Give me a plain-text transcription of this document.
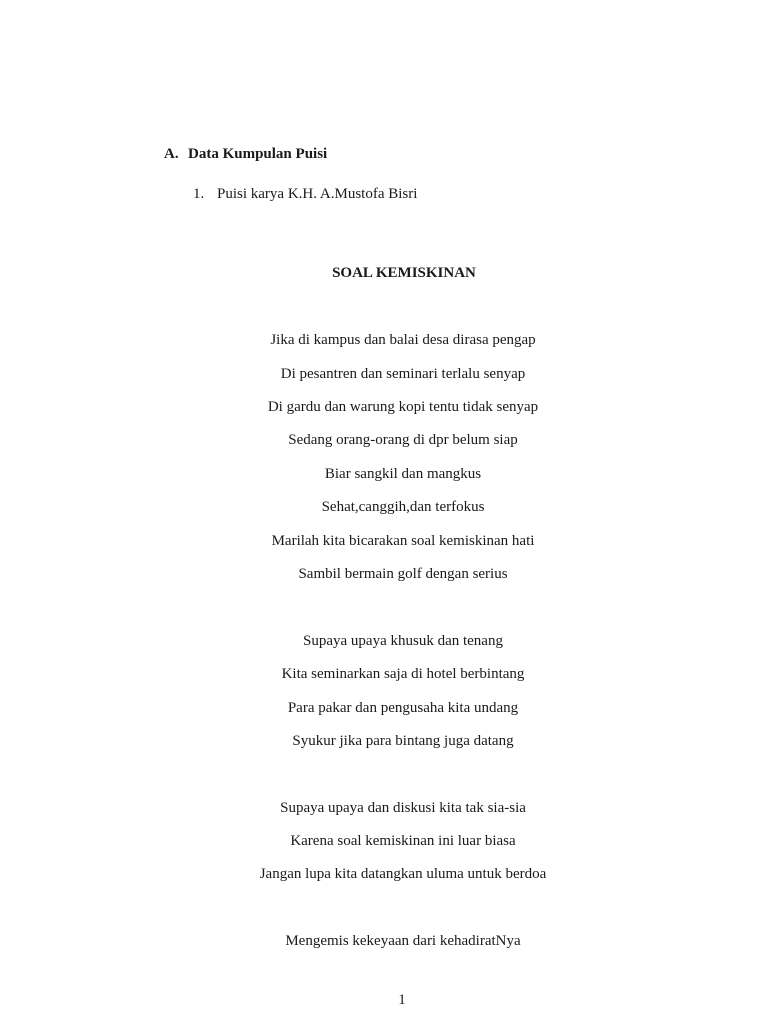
A. Data Kumpulan Puisi
1. Puisi karya K.H. A.Mustofa Bisri
SOAL KEMISKINAN
Jika di kampus dan balai desa dirasa pengap
Di pesantren dan seminari terlalu senyap
Di gardu dan warung kopi tentu tidak senyap
Sedang orang-orang di dpr belum siap
Biar sangkil dan mangkus
Sehat,canggih,dan terfokus
Marilah kita bicarakan soal kemiskinan hati
Sambil bermain golf dengan serius
Supaya upaya khusuk dan tenang
Kita seminarkan saja di hotel berbintang
Para pakar dan pengusaha kita undang
Syukur jika para bintang juga datang
Supaya upaya dan diskusi kita tak sia-sia
Karena soal kemiskinan ini luar biasa
Jangan lupa kita datangkan uluma untuk berdoa
Mengemis kekeyaan dari kehadiratNya
1
